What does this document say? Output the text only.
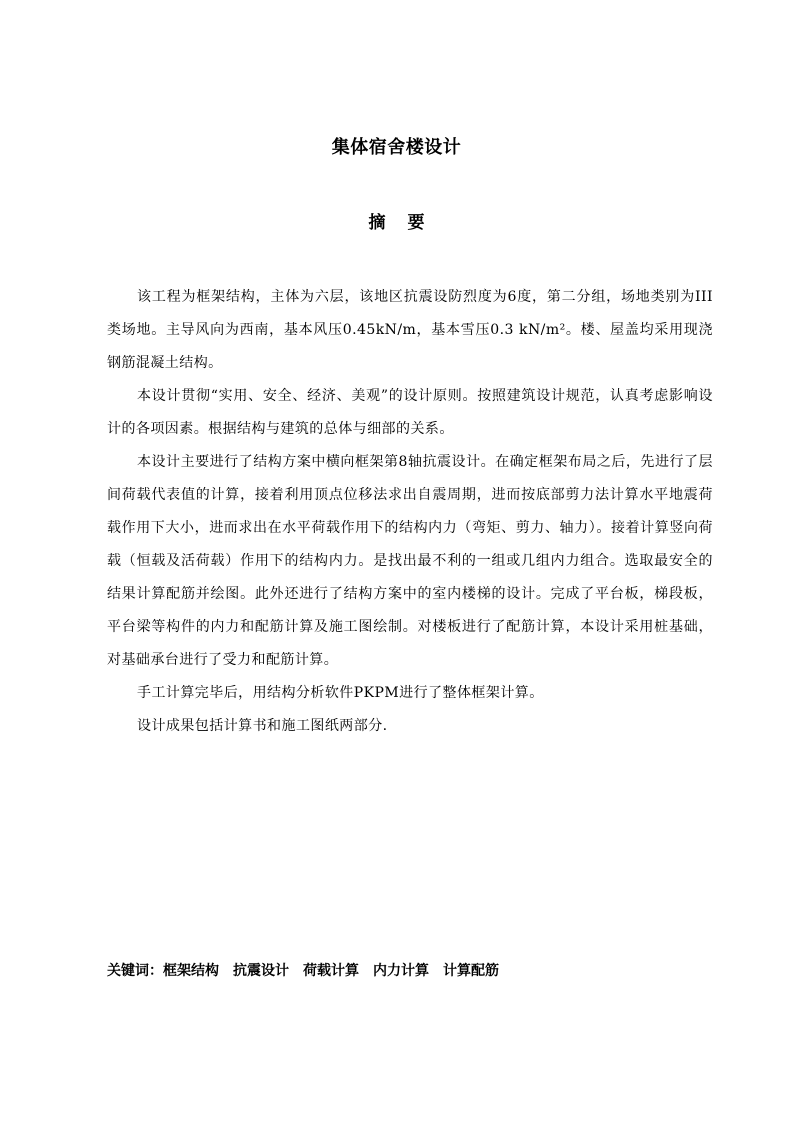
集体宿舍楼设计
摘要

该工程为框架结构，主体为六层，该地区抗震设防烈度为6度，第二分组，场地类别为III 类场地。主导风向为西南，基本风压0.45kN/m，基本雪压0.3 kN/m²。楼、屋盖均采用现浇钢筋混凝土结构。

本设计贯彻“实用、安全、经济、美观”的设计原则。按照建筑设计规范，认真考虑影响设计的各项因素。根据结构与建筑的总体与细部的关系。

本设计主要进行了结构方案中横向框架第8轴抗震设计。在确定框架布局之后，先进行了层间荷载代表值的计算，接着利用顶点位移法求出自震周期，进而按底部剪力法计算水平地震荷载作用下大小，进而求出在水平荷载作用下的结构内力（弯矩、剪力、轴力）。接着计算竖向荷载（恒载及活荷载）作用下的结构内力。是找出最不利的一组或几组内力组合。选取最安全的结果计算配筋并绘图。此外还进行了结构方案中的室内楼梯的设计。完成了平台板，梯段板，平台梁等构件的内力和配筋计算及施工图绘制。对楼板进行了配筋计算，本设计采用桩基础，对基础承台进行了受力和配筋计算。

手工计算完毕后，用结构分析软件PKPM进行了整体框架计算。

设计成果包括计算书和施工图纸两部分.

关键词：框架结构 抗震设计 荷载计算 内力计算 计算配筋
